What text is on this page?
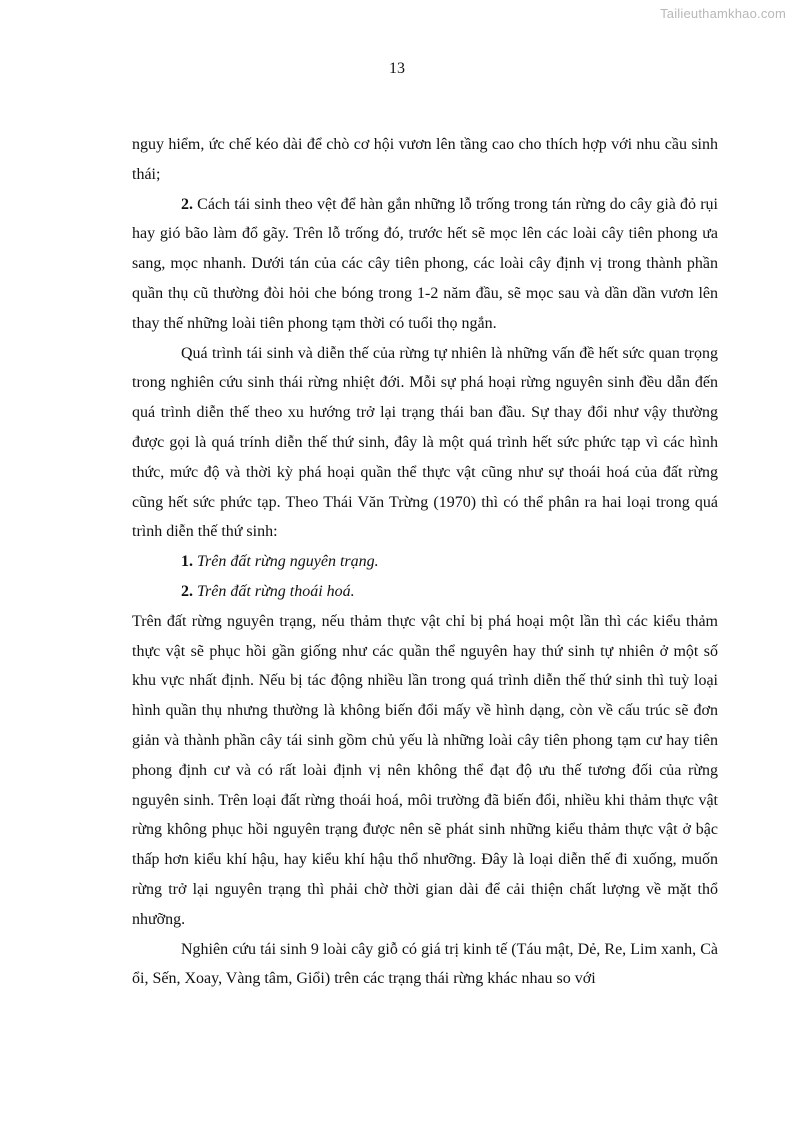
Tailieuthamkhao.com
13

nguy hiểm, ức chế kéo dài để chò cơ hội vươn lên tầng cao cho thích hợp với nhu cầu sinh thái;

2. Cách tái sinh theo vệt để hàn gắn những lỗ trống trong tán rừng do cây già đỏ rụi hay gió bão làm đổ gãy. Trên lỗ trống đó, trước hết sẽ mọc lên các loài cây tiên phong ưa sang, mọc nhanh. Dưới tán của các cây tiên phong, các loài cây định vị trong thành phần quần thụ cũ thường đòi hỏi che bóng trong 1-2 năm đầu, sẽ mọc sau và dần dần vươn lên thay thế những loài tiên phong tạm thời có tuổi thọ ngắn.

Quá trình tái sinh và diễn thế của rừng tự nhiên là những vấn đề hết sức quan trọng trong nghiên cứu sinh thái rừng nhiệt đới. Mỗi sự phá hoại rừng nguyên sinh đều dẫn đến quá trình diễn thế theo xu hướng trở lại trạng thái ban đầu. Sự thay đổi như vậy thường được gọi là quá trính diễn thế thứ sinh, đây là một quá trình hết sức phức tạp vì các hình thức, mức độ và thời kỳ phá hoại quần thể thực vật cũng như sự thoái hoá của đất rừng cũng hết sức phức tạp. Theo Thái Văn Trừng (1970) thì có thể phân ra hai loại trong quá trình diễn thế thứ sinh:

1. Trên đất rừng nguyên trạng.

2. Trên đất rừng thoái hoá.

Trên đất rừng nguyên trạng, nếu thảm thực vật chỉ bị phá hoại một lần thì các kiểu thảm thực vật sẽ phục hồi gần giống như các quần thể nguyên hay thứ sinh tự nhiên ở một số khu vực nhất định. Nếu bị tác động nhiều lần trong quá trình diễn thế thứ sinh thì tuỳ loại hình quần thụ nhưng thường là không biến đổi mấy về hình dạng, còn về cấu trúc sẽ đơn giản và thành phần cây tái sinh gồm chủ yếu là những loài cây tiên phong tạm cư hay tiên phong định cư và có rất loài định vị nên không thể đạt độ ưu thế tương đối của rừng nguyên sinh. Trên loại đất rừng thoái hoá, môi trường đã biến đổi, nhiều khi thảm thực vật rừng không phục hồi nguyên trạng được nên sẽ phát sinh những kiểu thảm thực vật ở bậc thấp hơn kiểu khí hậu, hay kiểu khí hậu thổ nhưỡng. Đây là loại diễn thế đi xuống, muốn rừng trở lại nguyên trạng thì phải chờ thời gian dài để cải thiện chất lượng về mặt thổ nhưỡng.

Nghiên cứu tái sinh 9 loài cây giỗ có giá trị kinh tế (Táu mật, Dẻ, Re, Lim xanh, Cà ổi, Sến, Xoay, Vàng tâm, Giổi) trên các trạng thái rừng khác nhau so với
